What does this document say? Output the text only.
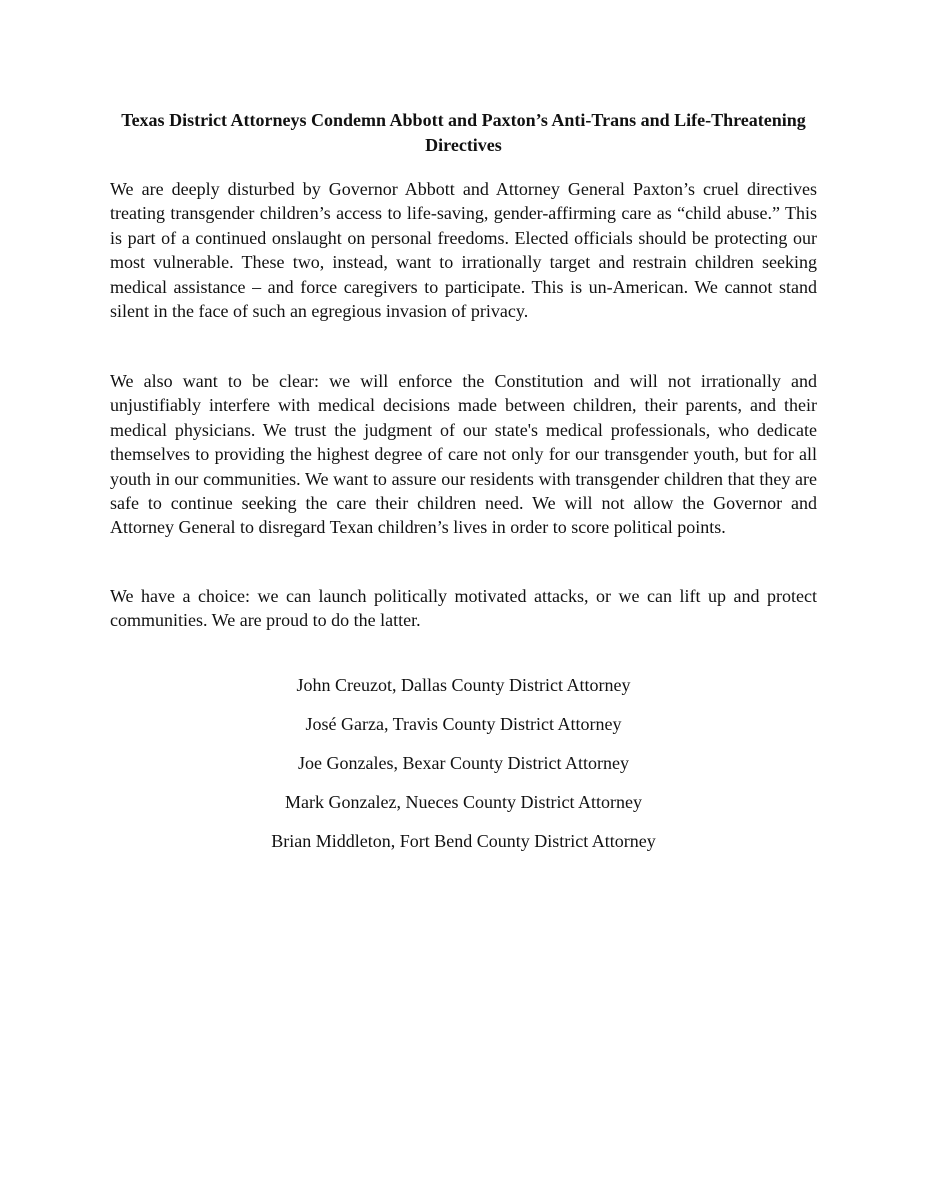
Texas District Attorneys Condemn Abbott and Paxton’s Anti-Trans and Life-Threatening Directives

We are deeply disturbed by Governor Abbott and Attorney General Paxton’s cruel directives treating transgender children’s access to life-saving, gender-affirming care as “child abuse.” This is part of a continued onslaught on personal freedoms. Elected officials should be protecting our most vulnerable. These two, instead, want to irrationally target and restrain children seeking medical assistance – and force caregivers to participate. This is un-American. We cannot stand silent in the face of such an egregious invasion of privacy.

We also want to be clear: we will enforce the Constitution and will not irrationally and unjustifiably interfere with medical decisions made between children, their parents, and their medical physicians. We trust the judgment of our state's medical professionals, who dedicate themselves to providing the highest degree of care not only for our transgender youth, but for all youth in our communities. We want to assure our residents with transgender children that they are safe to continue seeking the care their children need. We will not allow the Governor and Attorney General to disregard Texan children’s lives in order to score political points.

We have a choice: we can launch politically motivated attacks, or we can lift up and protect communities. We are proud to do the latter.

John Creuzot, Dallas County District Attorney
José Garza, Travis County District Attorney
Joe Gonzales, Bexar County District Attorney
Mark Gonzalez, Nueces County District Attorney
Brian Middleton, Fort Bend County District Attorney
